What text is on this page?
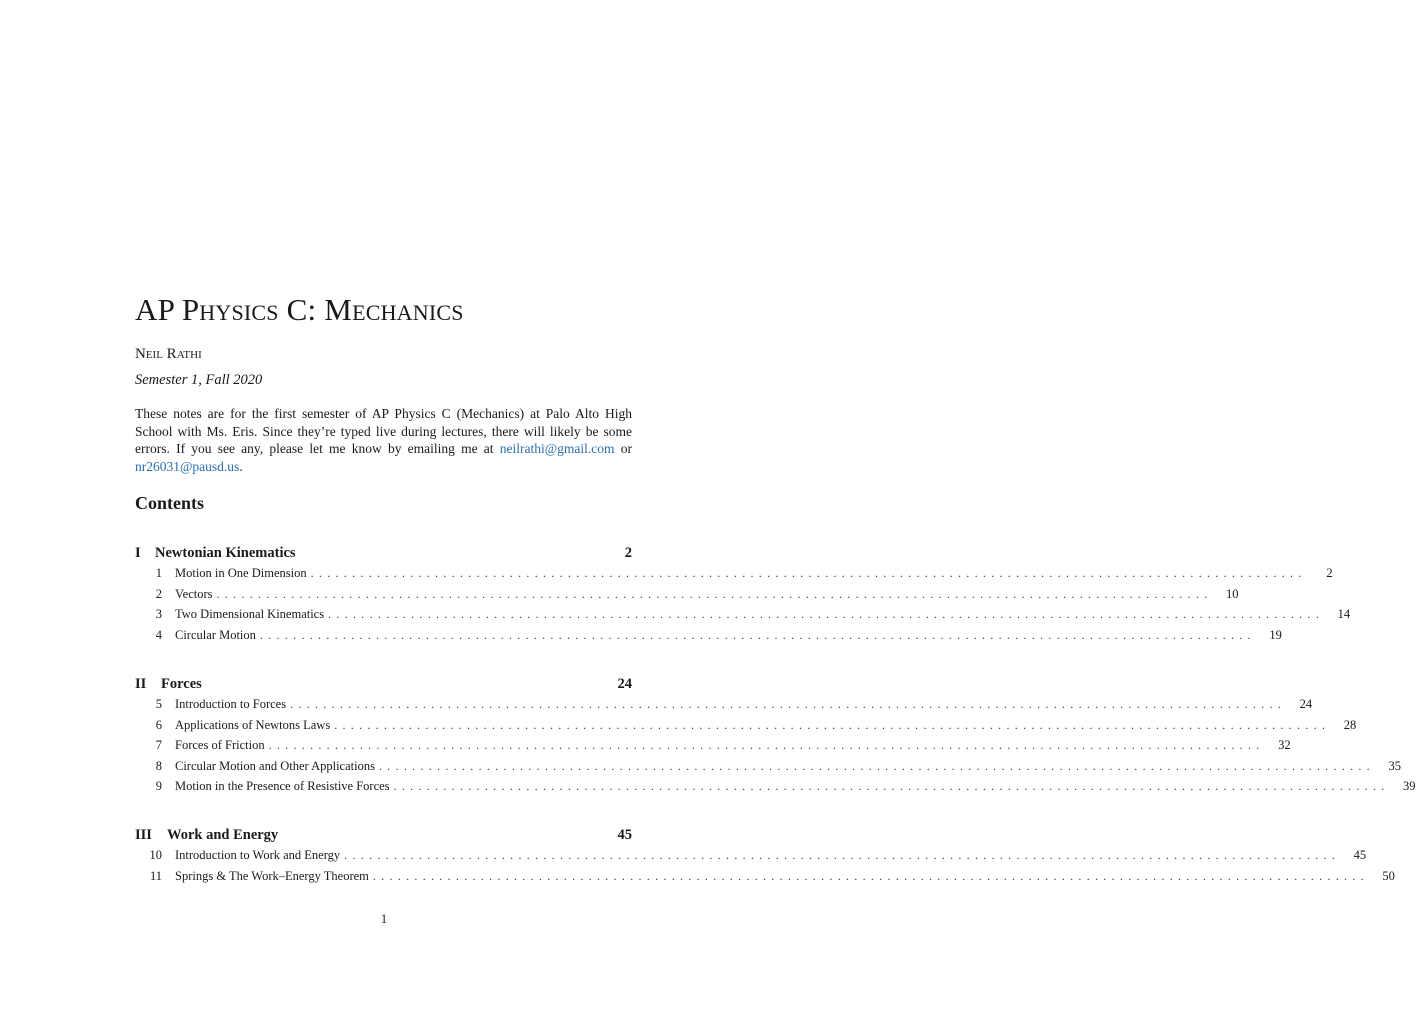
AP Physics C: Mechanics
Neil Rathi
Semester 1, Fall 2020

These notes are for the first semester of AP Physics C (Mechanics) at Palo Alto High School with Ms. Eris. Since they’re typed live during lectures, there will likely be some errors. If you see any, please let me know by emailing me at neilrathi@gmail.com or nr26031@pausd.us.

Contents
I Newtonian Kinematics	2
1	Motion in One Dimension ........................................................................................................................	2
2	Vectors ........................................................................................................................	10
3	Two Dimensional Kinematics ........................................................................................................................	14
4	Circular Motion ........................................................................................................................	19
II	Forces	24
5	Introduction to Forces ........................................................................................................................	24
6	Applications of Newtons Laws ........................................................................................................................	28
7	Forces of Friction ........................................................................................................................	32
8	Circular Motion and Other Applications ........................................................................................................................	35
9	Motion in the Presence of Resistive Forces ........................................................................................................................	39
III	Work and Energy	45
10	Introduction to Work and Energy ........................................................................................................................	45
11	Springs & The Work–Energy Theorem ........................................................................................................................	50
1
